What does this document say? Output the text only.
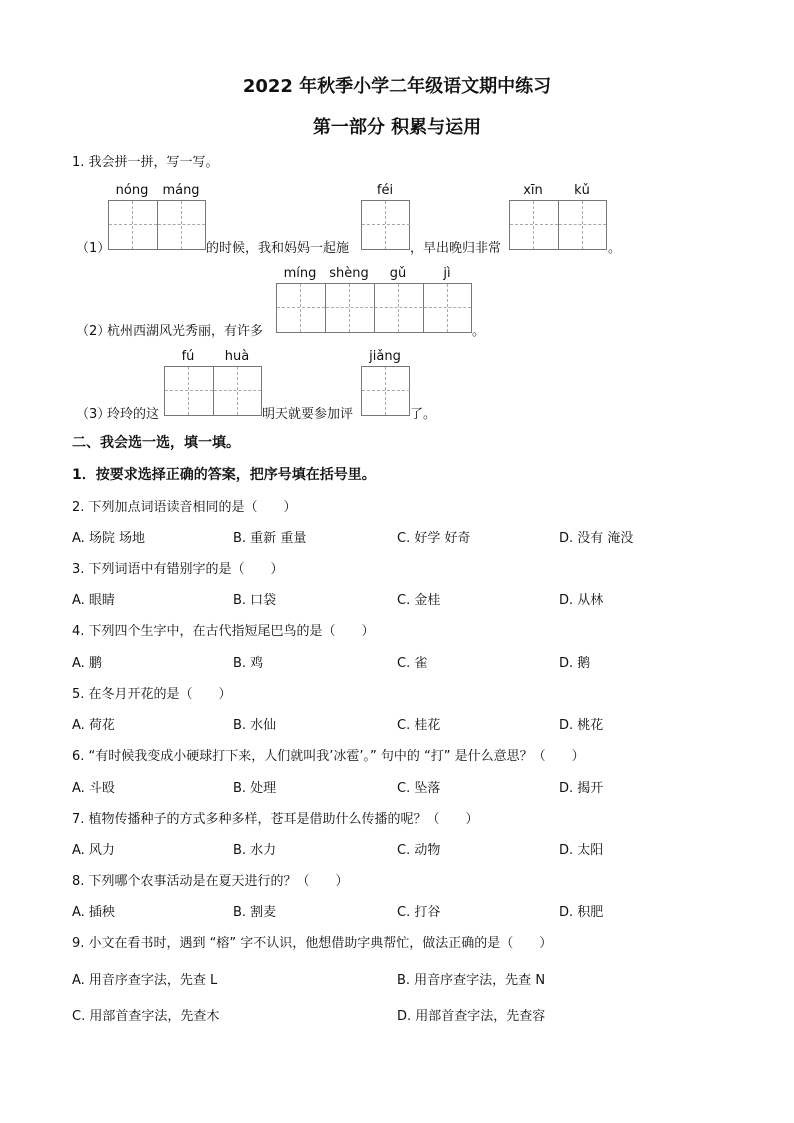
2022 年秋季小学二年级语文期中练习
第一部分 积累与运用
1. 我会拼一拼，写一写。
nóng	máng	féi	xīn	kǔ
（1）	的时候，我和妈妈一起施	，早出晚归非常	。
míng shèng	gǔ	jì
（2）
杭州西湖风光秀丽，有许多	。
fú	huà	jiǎng
（3）
玲玲的这	明天就要参加评	了。
二、我会选一选，填一填。
1．按要求选择正确的答案，把序号填在括号里。
2. 下列加点词语读音相同的是（　　）
A. 场院 场地	B. 重新 重量	C. 好学 好奇	D. 没有 淹没
3. 下列词语中有错别字的是（　　）
A. 眼睛	B. 口袋	C. 金桂	D. 从林
4. 下列四个生字中，在古代指短尾巴鸟的是（　　）
A. 鹏	B. 鸡	C. 雀	D. 鹅
5. 在冬月开花的是（　　）
A. 荷花	B. 水仙	C. 桂花	D. 桃花
6. “有时候我变成小硬球打下来，人们就叫我’冰雹’。” 句中的 “打” 是什么意思？（　　）
A. 斗殴	B. 处理	C. 坠落	D. 揭开
7. 植物传播种子的方式多种多样，苍耳是借助什么传播的呢？（　　）
A. 风力	B. 水力	C. 动物	D. 太阳
8. 下列哪个农事活动是在夏天进行的？（　　）
A. 插秧	B. 割麦	C. 打谷	D. 积肥
9. 小文在看书时，遇到 “榕” 字不认识，他想借助字典帮忙，做法正确的是（　　）
A. 用音序查字法，先查 L	B. 用音序查字法，先查 N
C. 用部首查字法，先查木	D. 用部首查字法，先查容
